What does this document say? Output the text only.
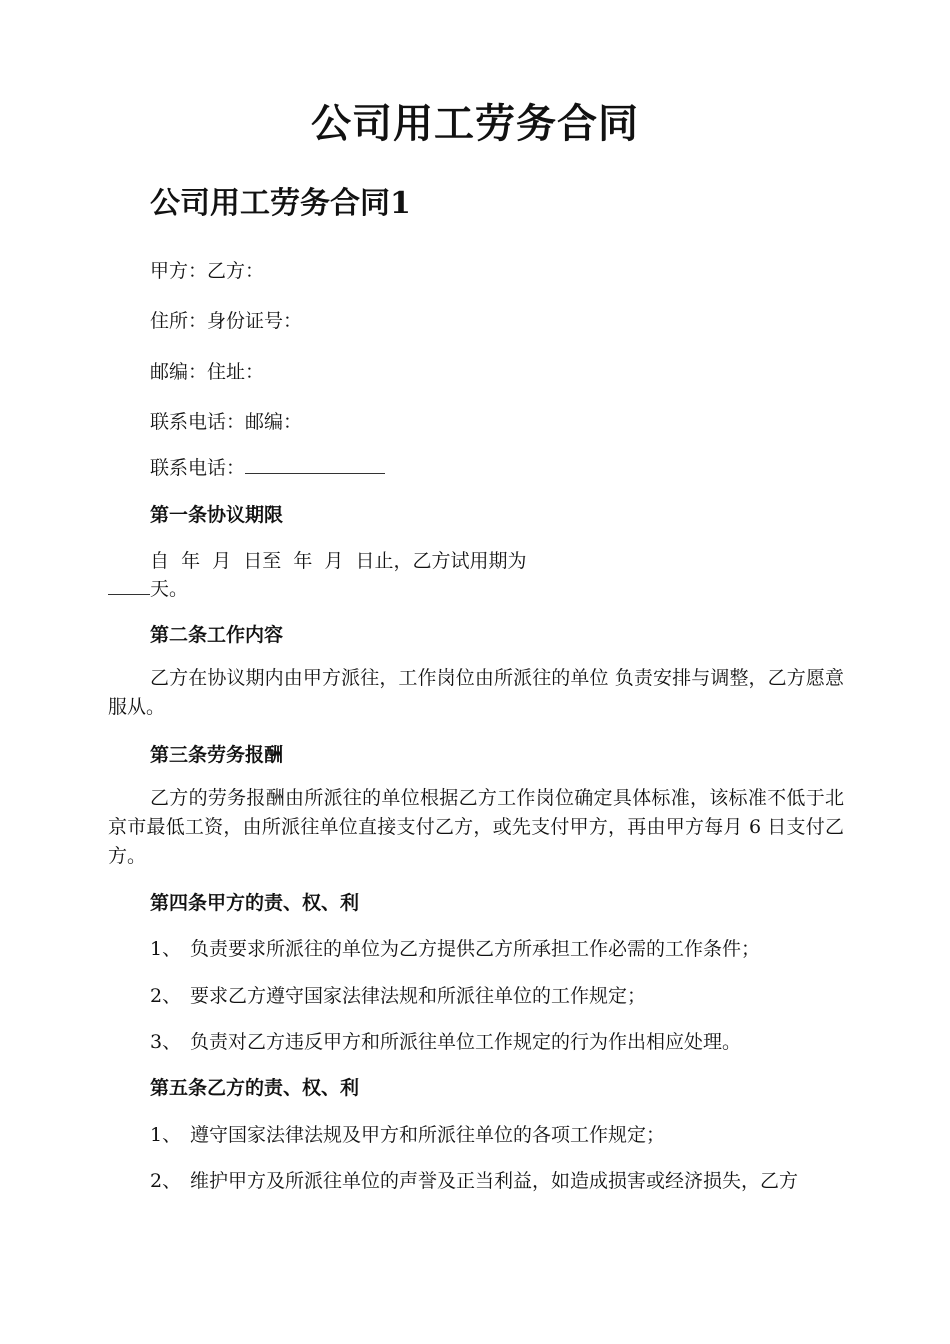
公司用工劳务合同
公司用工劳务合同1

甲方：乙方：

住所：身份证号：

邮编：住址：

联系电话：邮编：

联系电话：

第一条协议期限

自  年  月  日至  年  月  日止，乙方试用期为

天。

第二条工作内容

乙方在协议期内由甲方派往，工作岗位由所派往的单位 负责安排与调整，乙方愿意服从。

第三条劳务报酬

乙方的劳务报酬由所派往的单位根据乙方工作岗位确定具体标准，该标准不低于北京市最低工资，由所派往单位直接支付乙方，或先支付甲方，再由甲方每月 6 日支付乙方。

第四条甲方的责、权、利

1、 负责要求所派往的单位为乙方提供乙方所承担工作必需的工作条件；

2、 要求乙方遵守国家法律法规和所派往单位的工作规定；

3、 负责对乙方违反甲方和所派往单位工作规定的行为作出相应处理。

第五条乙方的责、权、利

1、 遵守国家法律法规及甲方和所派往单位的各项工作规定；

2、 维护甲方及所派往单位的声誉及正当利益，如造成损害或经济损失，乙方
